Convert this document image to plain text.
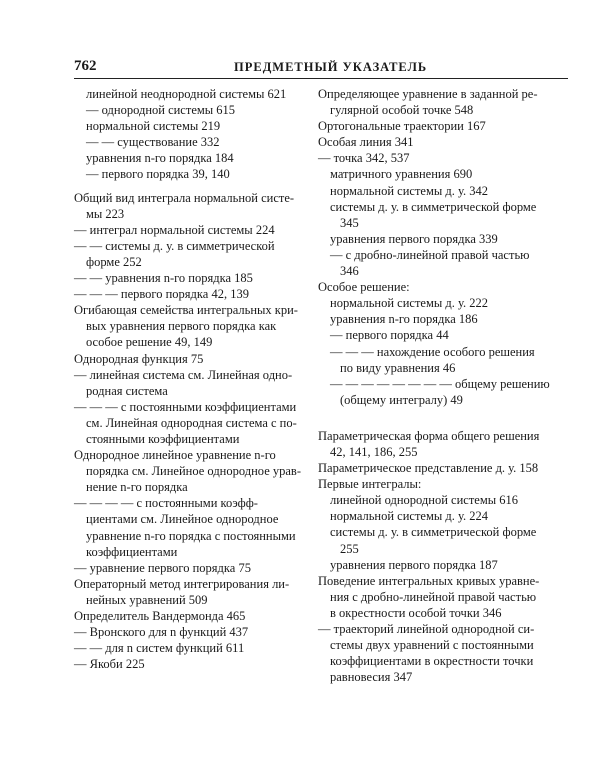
762	ПРЕДМЕТНЫЙ УКАЗАТЕЛЬ
линейной неоднородной системы 621
— однородной системы 615
нормальной системы 219
— — существование 332
уравнения n-го порядка 184
— первого порядка 39, 140
Общий вид интеграла нормальной систе-
мы 223
— интеграл нормальной системы 224
— — системы д. у. в симметрической
форме 252
— — уравнения n-го порядка 185
— — — первого порядка 42, 139
Огибающая семейства интегральных кри-
вых уравнения первого порядка как
особое решение 49, 149
Однородная функция 75
— линейная система см. Линейная одно-
родная система
— — — с постоянными коэффициентами
см. Линейная однородная система с по-
стоянными коэффициентами
Однородное линейное уравнение n-го
порядка см. Линейное однородное урав-
нение n-го порядка
— — — — с постоянными коэфф-
циентами см. Линейное однородное
уравнение n-го порядка с постоянными
коэффициентами
— уравнение первого порядка 75
Операторный метод интегрирования ли-
нейных уравнений 509
Определитель Вандермонда 465
— Вронского для n функций 437
— — для n систем функций 611
— Якоби 225
Определяющее уравнение в заданной ре-
гулярной особой точке 548
Ортогональные траектории 167
Особая линия 341
— точка 342, 537
матричного уравнения 690
нормальной системы д. у. 342
системы д. у. в симметрической форме
345
уравнения первого порядка 339
— с дробно-линейной правой частью
346
Особое решение:
нормальной системы д. у. 222
уравнения n-го порядка 186
— первого порядка 44
— — — нахождение особого решения
по виду уравнения 46
— — — — — — — — общему решению
(общему интегралу) 49
Параметрическая форма общего решения
42, 141, 186, 255
Параметрическое представление д. у. 158
Первые интегралы:
линейной однородной системы 616
нормальной системы д. у. 224
системы д. у. в симметрической форме
255
уравнения первого порядка 187
Поведение интегральных кривых уравне-
ния с дробно-линейной правой частью
в окрестности особой точки 346
— траекторий линейной однородной си-
стемы двух уравнений с постоянными
коэффициентами в окрестности точки
равновесия 347
